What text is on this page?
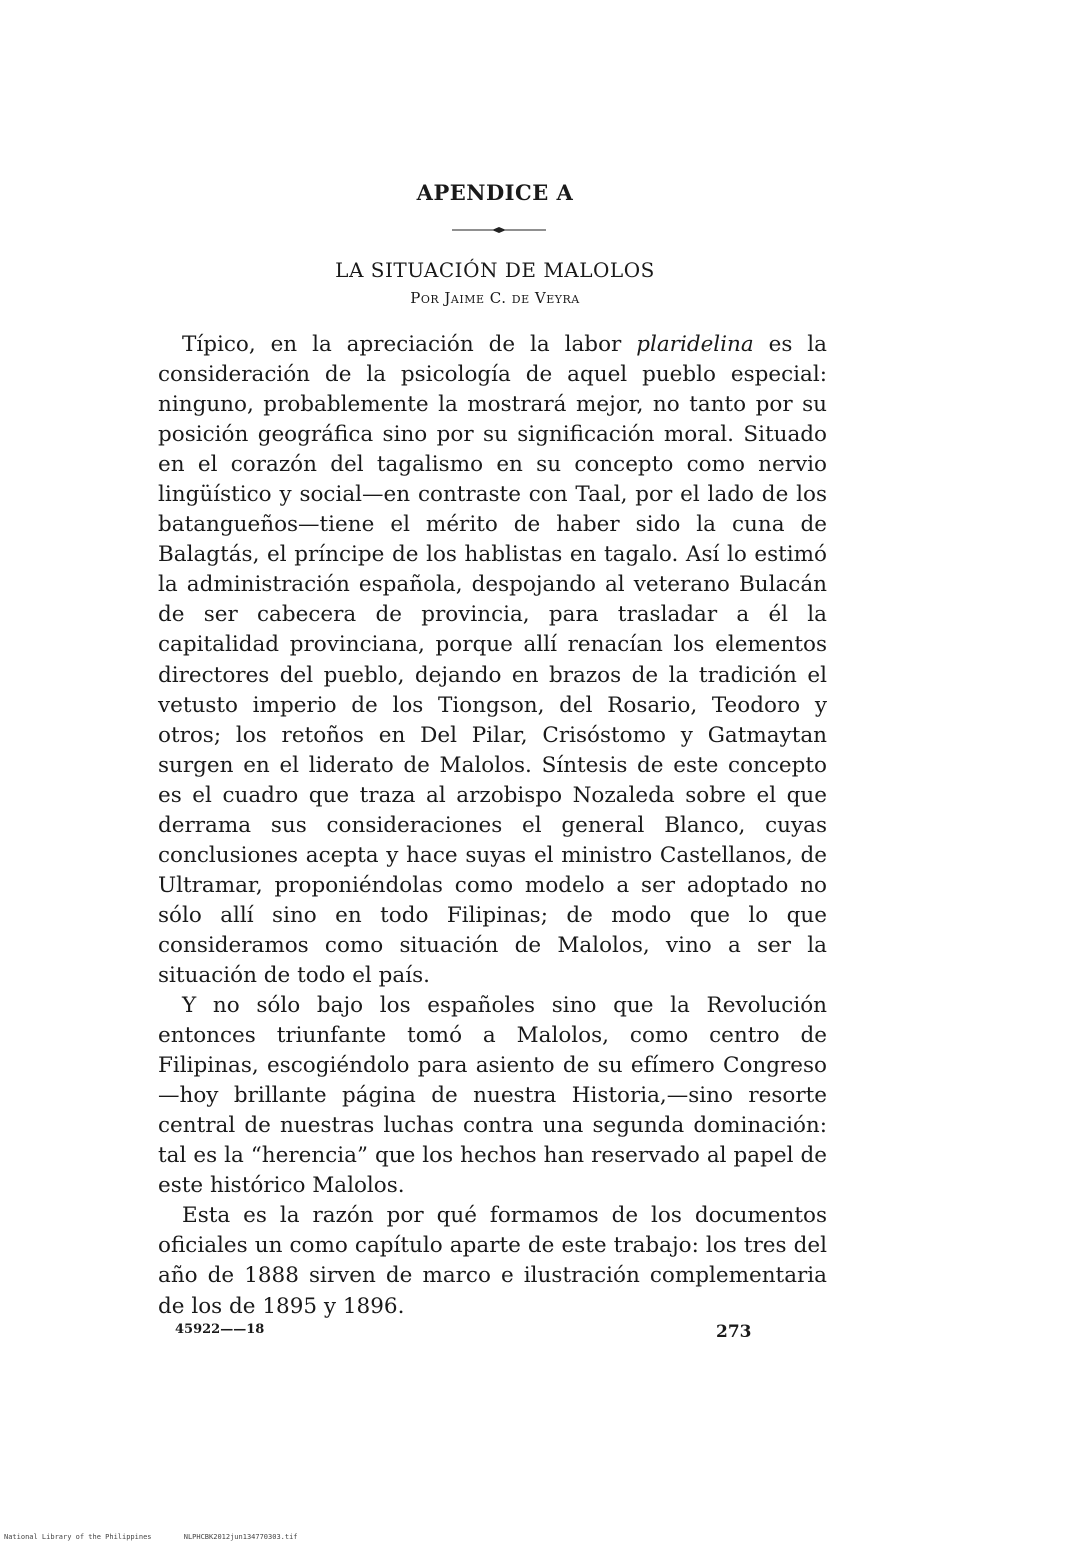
APENDICE A
LA SITUACIÓN DE MALOLOS
Por Jaime C. de Veyra

Típico, en la apreciación de la labor plaridelina es la consideración de la psicología de aquel pueblo especial: ninguno, probablemente la mostrará mejor, no tanto por su posición geográfica sino por su significación moral. Situado en el corazón del tagalismo en su concepto como nervio lingüístico y social—en contraste con Taal, por el lado de los batangueños—tiene el mérito de haber sido la cuna de Balagtás, el príncipe de los hablistas en tagalo. Así lo estimó la administración española, despojando al veterano Bulacán de ser cabecera de provincia, para trasladar a él la capitalidad provinciana, porque allí renacían los elementos directores del pueblo, dejando en brazos de la tradición el vetusto imperio de los Tiongson, del Rosario, Teodoro y otros; los retoños en Del Pilar, Crisóstomo y Gatmaytan surgen en el liderato de Malolos. Síntesis de este concepto es el cuadro que traza al arzobispo Nozaleda sobre el que derrama sus consideraciones el general Blanco, cuyas conclusiones acepta y hace suyas el ministro Castellanos, de Ultramar, proponiéndolas como modelo a ser adoptado no sólo allí sino en todo Filipinas; de modo que lo que consideramos como situación de Malolos, vino a ser la situación de todo el país.

Y no sólo bajo los españoles sino que la Revolución entonces triunfante tomó a Malolos, como centro de Filipinas, escogiéndolo para asiento de su efímero Congreso—hoy brillante página de nuestra Historia,—sino resorte central de nuestras luchas contra una segunda dominación: tal es la “herencia” que los hechos han reservado al papel de este histórico Malolos.

Esta es la razón por qué formamos de los documentos oficiales un como capítulo aparte de este trabajo: los tres del año de 1888 sirven de marco e ilustración complementaria de los de 1895 y 1896.

45922——18	273
National Library of the Philippines	NLPHCBK2012jun134770303.tif
